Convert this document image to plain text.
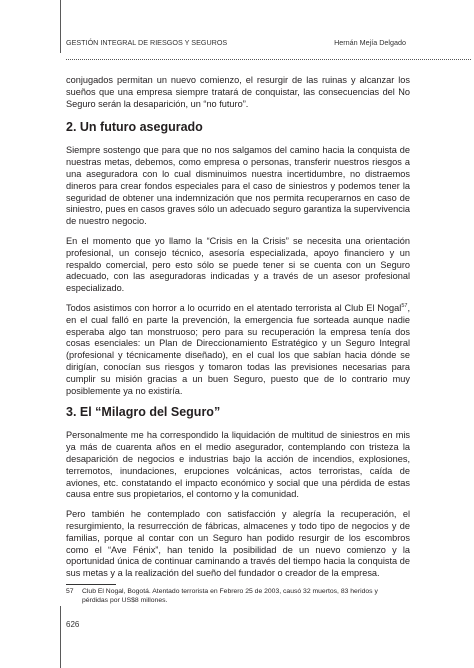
GESTIÓN INTEGRAL DE RIESGOS Y SEGUROS	Hernán Mejía Delgado

conjugados permitan un nuevo comienzo, el resurgir de las ruinas y alcanzar los sueños que una empresa siempre tratará de conquistar, las consecuencias del No Seguro serán la desaparición, un “no futuro”.

2. Un futuro asegurado

Siempre sostengo que para que no nos salgamos del camino hacia la conquista de nuestras metas, debemos, como empresa o personas, transferir nuestros riesgos a una aseguradora con lo cual disminuimos nuestra incertidumbre, no distraemos dineros para crear fondos especiales para el caso de siniestros y podemos tener la seguridad de obtener una indemnización que nos permita recuperarnos en caso de siniestro, pues en casos graves sólo un adecuado seguro garantiza la supervivencia de nuestro negocio.

En el momento que yo llamo la “Crisis en la Crisis” se necesita una orientación profesional, un consejo técnico, asesoría especializada, apoyo financiero y un respaldo comercial, pero esto sólo se puede tener si se cuenta con un Seguro adecuado, con las aseguradoras indicadas y a través de un asesor profesional especializado.

Todos asistimos con horror a lo ocurrido en el atentado terrorista al Club El Nogal$^{57}$, en el cual falló en parte la prevención, la emergencia fue sorteada aunque nadie esperaba algo tan monstruoso; pero para su recuperación la empresa tenía dos cosas esenciales: un Plan de Direccionamiento Estratégico y un Seguro Integral (profesional y técnicamente diseñado), en el cual los que sabían hacia dónde se dirigían, conocían sus riesgos y tomaron todas las previsiones necesarias para cumplir su misión gracias a un buen Seguro, puesto que de lo contrario muy posiblemente ya no existiría.

3. El “Milagro del Seguro”

Personalmente me ha correspondido la liquidación de multitud de siniestros en mis ya más de cuarenta años en el medio asegurador, contemplando con tristeza la desaparición de negocios e industrias bajo la acción de incendios, explosiones, terremotos, inundaciones, erupciones volcánicas, actos terroristas, caída de aviones, etc. constatando el impacto económico y social que una pérdida de estas causa entre sus propietarios, el contorno y la comunidad.

Pero también he contemplado con satisfacción y alegría la recuperación, el resurgimiento, la resurrección de fábricas, almacenes y todo tipo de negocios y de familias, porque al contar con un Seguro han podido resurgir de los escombros como el “Ave Fénix”, han tenido la posibilidad de un nuevo comienzo y la oportunidad única de continuar caminando a través del tiempo hacia la conquista de sus metas y a la realización del sueño del fundador o creador de la empresa.

57	Club El Nogal, Bogotá. Atentado terrorista en Febrero 25 de 2003, causó 32 muertos, 83 heridos y pérdidas por US$8 millones.
626
